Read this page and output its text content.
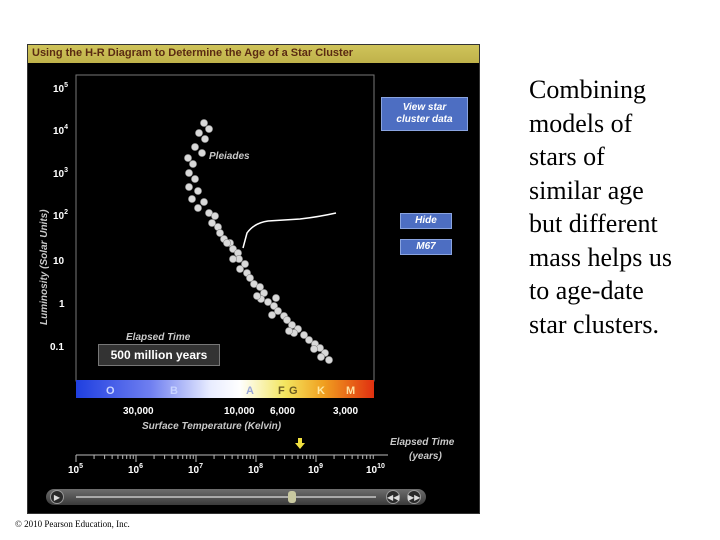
Using the H-R Diagram to Determine the Age of a Star Cluster
$10^5$
$10^4$
$10^3$
$10^2$
10
1
0.1
Luminosity (Solar Units)
Pleiades
Elapsed Time
O	B	A F G K M
30,000	10,000 6,000	3,000
Surface Temperature (Kelvin)
$10^5$	$10^6$	$10^7$	$10^8$	$10^9$	$10^{10}$
Elapsed Time
(years)
View star
cluster data
Hide
M67
500 million years
▶	◀◀ ▶▶
© 2010 Pearson Education, Inc.
Combining
models of
stars of
similar age
but different
mass helps us
to age-date
star clusters.
